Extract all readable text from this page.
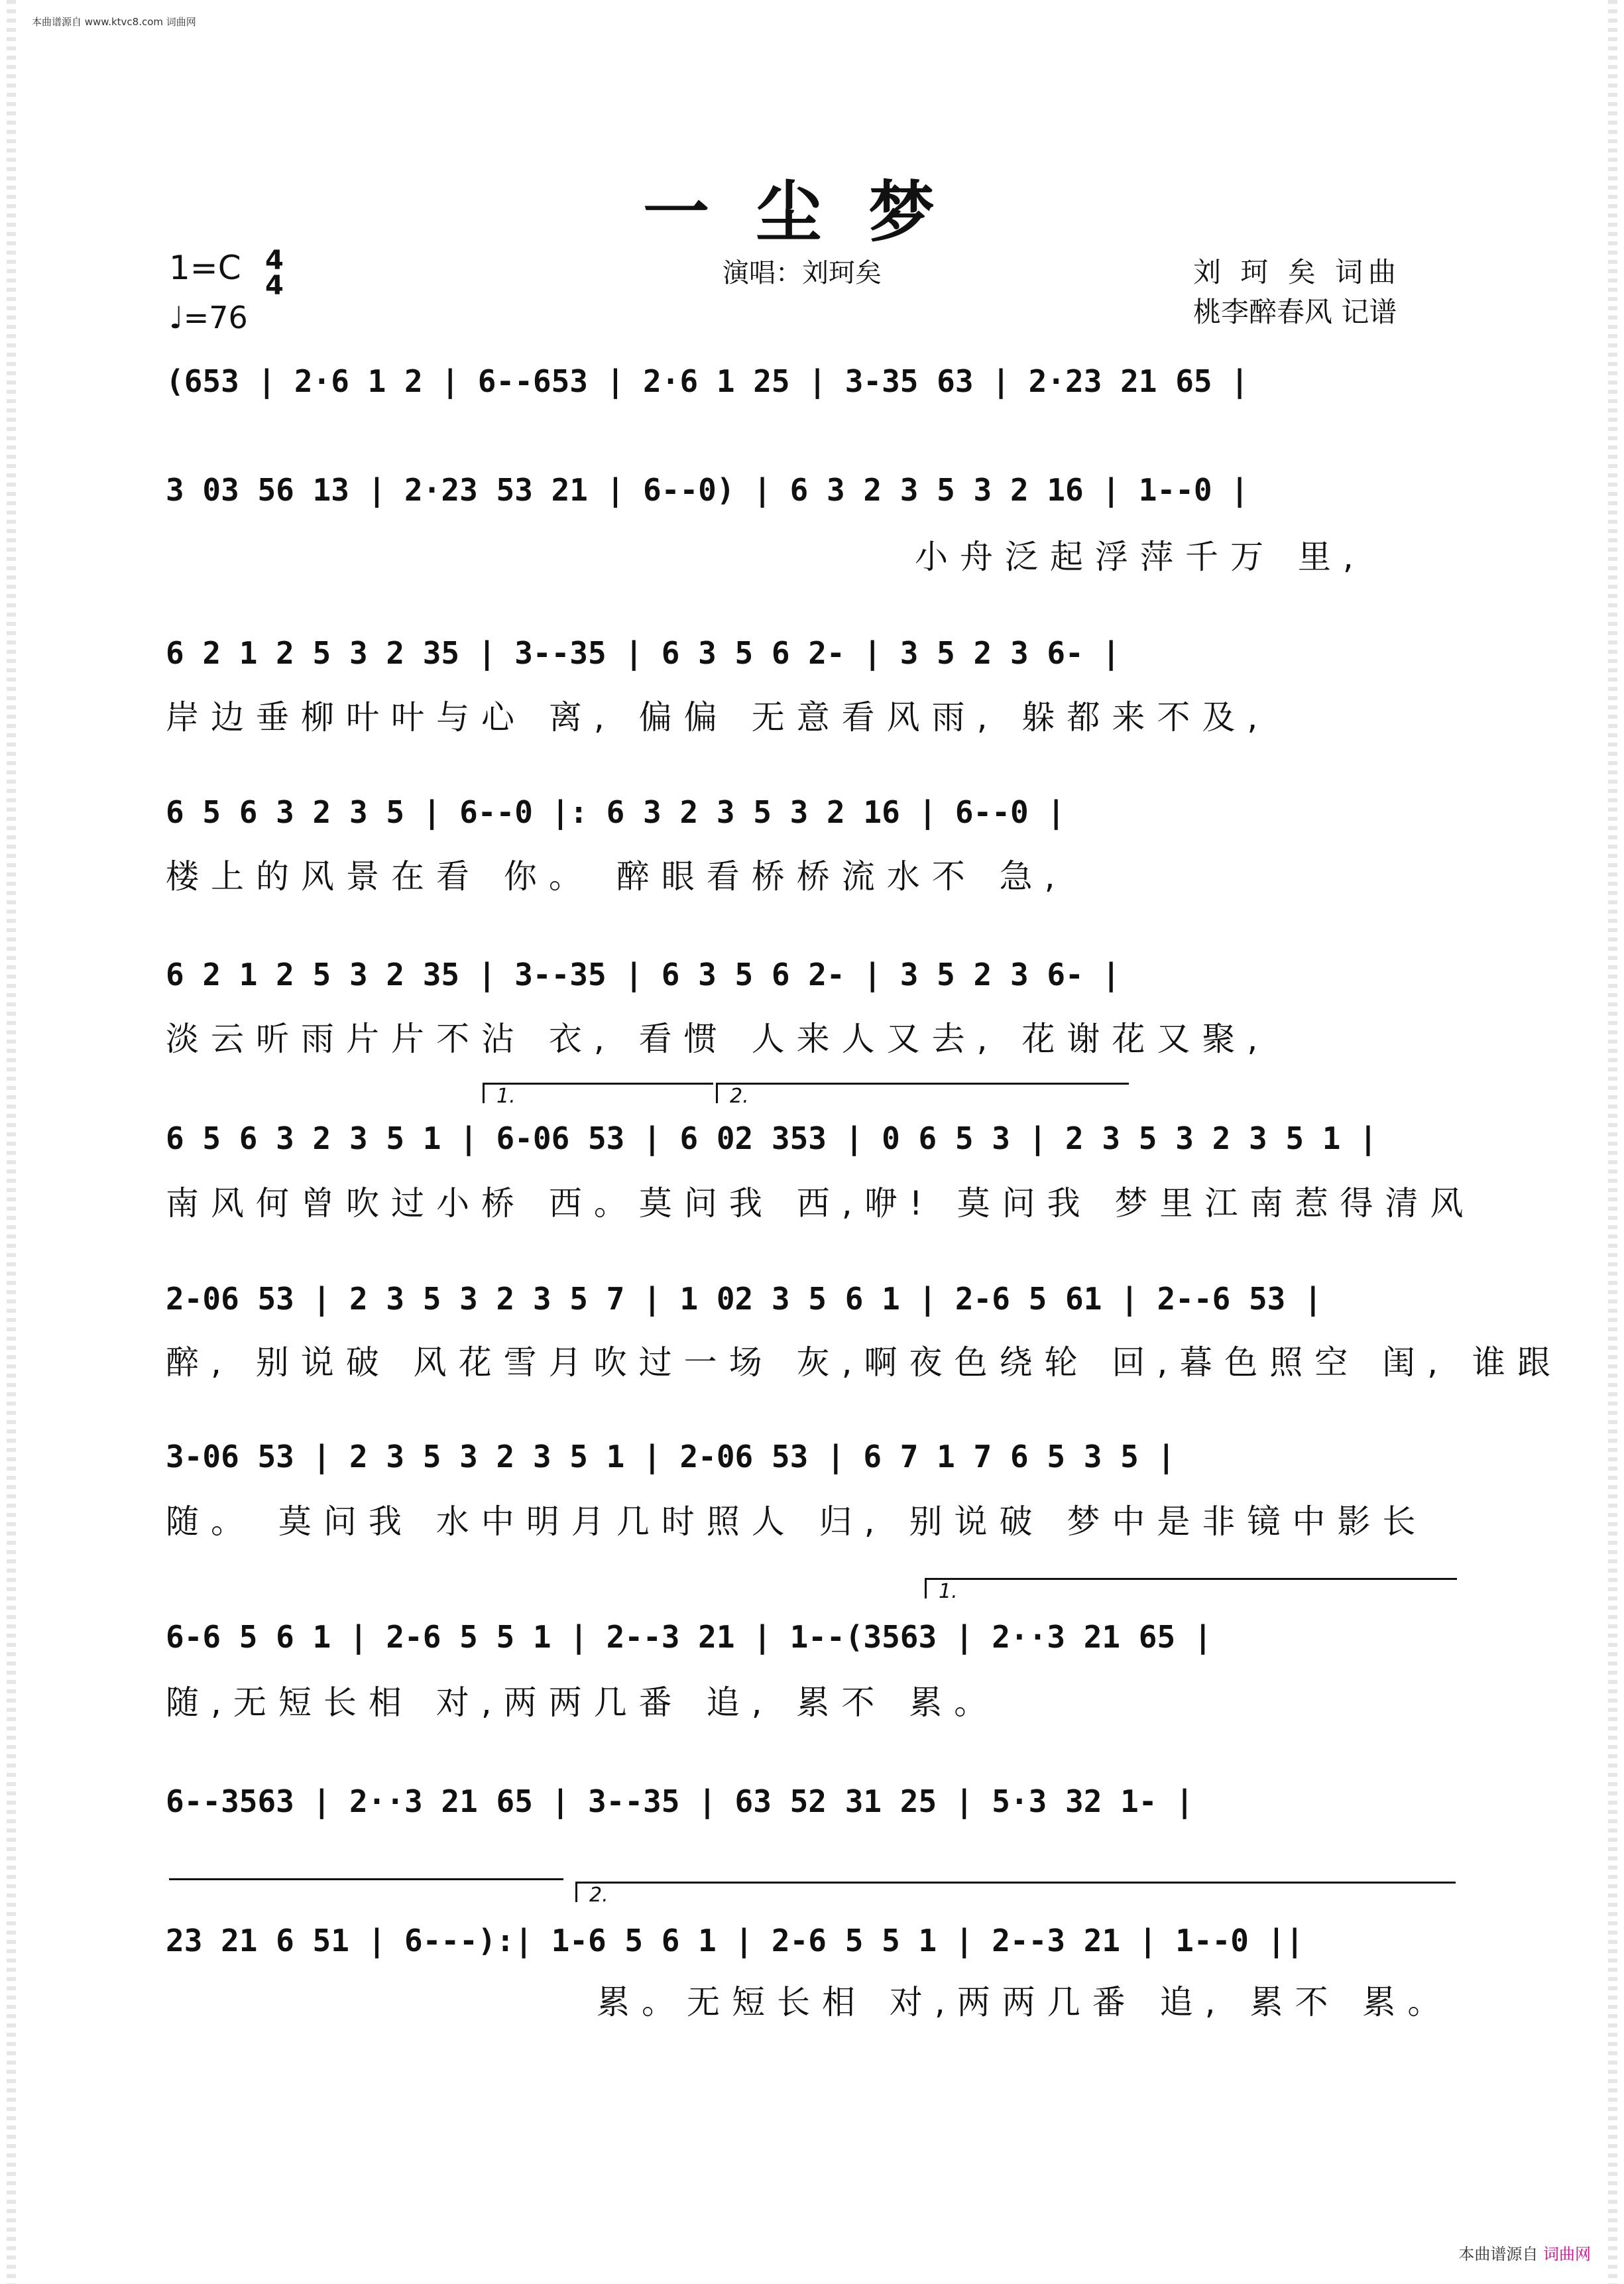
本曲谱源自 www.ktvc8.com 词曲网
一尘梦
1=C 4
4
♩=76
演唱：刘珂矣	刘 珂 矣 词曲
桃李醉春风 记谱
(653 | 2·6 1 2 | 6--653 | 2·6 1 25 | 3-35 63 | 2·23 21 65 |
3 03 56 13 | 2·23 53 21 | 6--0) | 6 3 2 3 5 3 2 16 | 1--0 |
小舟泛起浮萍千万 里,
6 2 1 2 5 3 2 35 | 3--35 | 6 3 5 6 2- | 3 5 2 3 6- |
岸边垂柳叶叶与心 离, 偏偏 无意看风雨, 躲都来不及,
6 5 6 3 2 3 5 | 6--0 |: 6 3 2 3 5 3 2 16 | 6--0 |
楼上的风景在看 你。 醉眼看桥桥流水不 急,
6 2 1 2 5 3 2 35 | 3--35 | 6 3 5 6 2- | 3 5 2 3 6- |
淡云听雨片片不沾 衣, 看惯 人来人又去, 花谢花又聚,
1.	2.
6 5 6 3 2 3 5 1 | 6-06 53 | 6 02 353 | 0 6 5 3 | 2 3 5 3 2 3 5 1 |
南风何曾吹过小桥 西。莫问我 西,咿! 莫问我 梦里江南惹得清风
2-06 53 | 2 3 5 3 2 3 5 7 | 1 02 3 5 6 1 | 2-6 5 61 | 2--6 53 |
醉, 别说破 风花雪月吹过一场 灰,啊夜色绕轮 回,暮色照空 闺, 谁跟
3-06 53 | 2 3 5 3 2 3 5 1 | 2-06 53 | 6 7 1 7 6 5 3 5 |
随。 莫问我 水中明月几时照人 归, 别说破 梦中是非镜中影长
1.
6-6 5 6 1 | 2-6 5 5 1 | 2--3 21 | 1--(3563 | 2··3 21 65 |
随,无短长相 对,两两几番 追, 累不 累。
6--3563 | 2··3 21 65 | 3--35 | 63 52 31 25 | 5·3 32 1- |
2.
23 21 6 51 | 6---):| 1-6 5 6 1 | 2-6 5 5 1 | 2--3 21 | 1--0 ||
累。无短长相 对,两两几番 追, 累不 累。
本曲谱源自 词曲网
